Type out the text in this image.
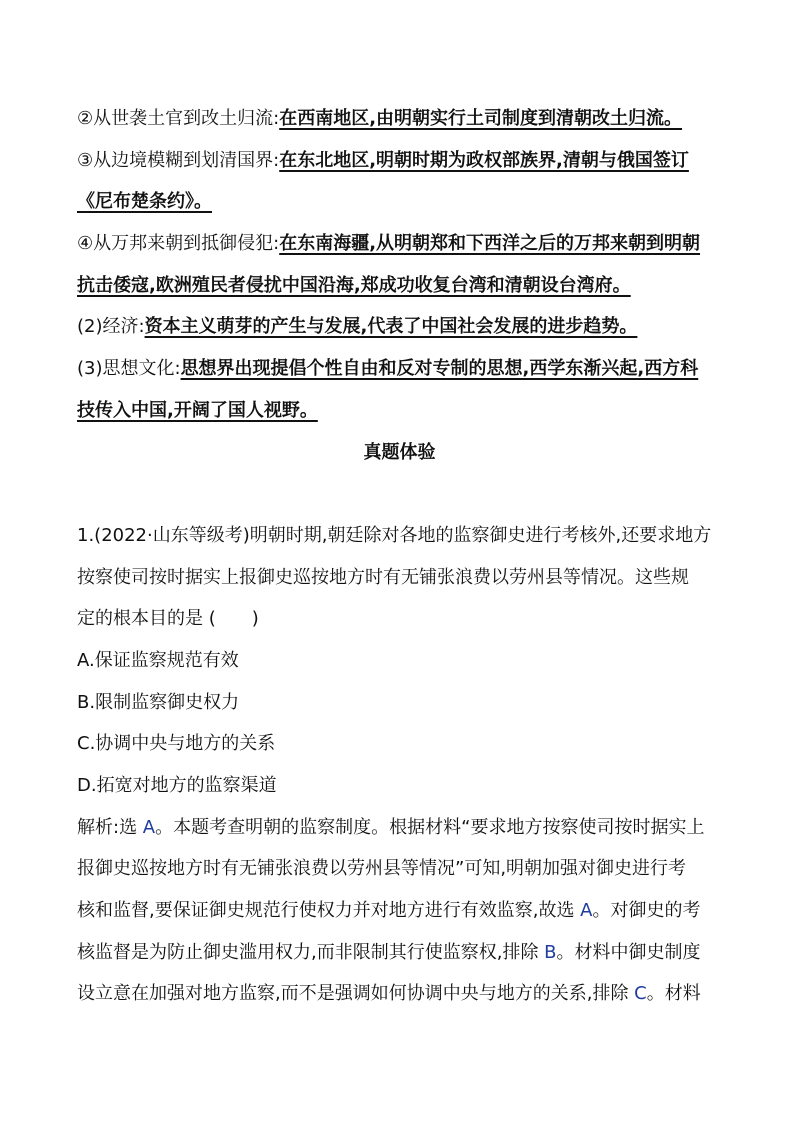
②从世袭土官到改土归流:在西南地区,由明朝实行土司制度到清朝改土归流。
③从边境模糊到划清国界:在东北地区,明朝时期为政权部族界,清朝与俄国签订
《尼布楚条约》。
④从万邦来朝到抵御侵犯:在东南海疆,从明朝郑和下西洋之后的万邦来朝到明朝
抗击倭寇,欧洲殖民者侵扰中国沿海,郑成功收复台湾和清朝设台湾府。
(2)经济:资本主义萌芽的产生与发展,代表了中国社会发展的进步趋势。
(3)思想文化:思想界出现提倡个性自由和反对专制的思想,西学东渐兴起,西方科
技传入中国,开阔了国人视野。
真题体验
1.(2022·山东等级考)明朝时期,朝廷除对各地的监察御史进行考核外,还要求地方
按察使司按时据实上报御史巡按地方时有无铺张浪费以劳州县等情况。这些规
定的根本目的是 (　　)
A.保证监察规范有效
B.限制监察御史权力
C.协调中央与地方的关系
D.拓宽对地方的监察渠道
解析:选 A。本题考查明朝的监察制度。根据材料“要求地方按察使司按时据实上
报御史巡按地方时有无铺张浪费以劳州县等情况”可知,明朝加强对御史进行考
核和监督,要保证御史规范行使权力并对地方进行有效监察,故选 A。对御史的考
核监督是为防止御史滥用权力,而非限制其行使监察权,排除 B。材料中御史制度
设立意在加强对地方监察,而不是强调如何协调中央与地方的关系,排除 C。材料
